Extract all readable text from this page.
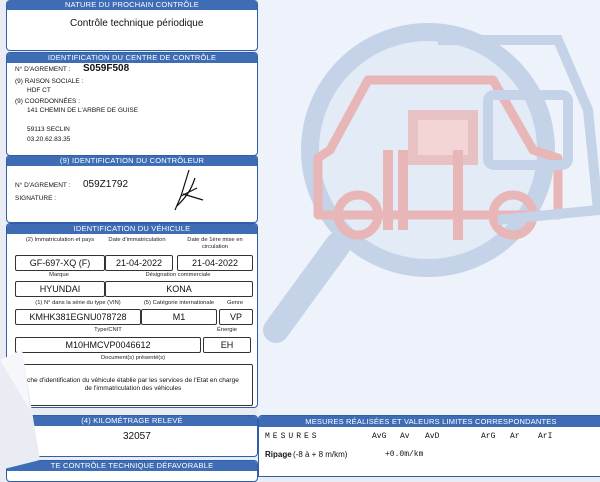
NATURE DU PROCHAIN CONTRÔLE
Contrôle technique périodique
IDENTIFICATION DU CENTRE DE CONTRÔLE
N° D'AGREMENT : S059F508
(9) RAISON SOCIALE :
HDF CT
(9) COORDONNÉES :
141 CHEMIN DE L'ARBRE DE GUISE
59113 SECLIN
03.20.62.83.35
(9) IDENTIFICATION DU CONTRÔLEUR
N° D'AGREMENT : 059Z1792
SIGNATURE :
IDENTIFICATION DU VÉHICULE
(2) Immatriculation et pays	Date d'immatriculation	Date de 1ère mise en circulation
GF-697-XQ (F)	21-04-2022	21-04-2022
Marque	Désignation commerciale
HYUNDAI	KONA
(1) N° dans la série du type (VIN)	(5) Catégorie internationale	Genre
KMHK381EGNU078728	M1	VP
Type/CNIT	Énergie
M10HMCVP0046612	EH
Document(s) présenté(s)
che d'identification du véhicule établie par les services de l'Etat en charge
de l'immatriculation des véhicules
(4) KILOMÉTRAGE RELEVÉ
32057
TE CONTRÔLE TECHNIQUE DÉFAVORABLE
MESURES RÉALISÉES ET VALEURS LIMITES CORRESPONDANTES
MESURES	AvG Av AvD	ArG Ar ArI
Ripage (-8 à + 8 m/km)	+0.0m/km
